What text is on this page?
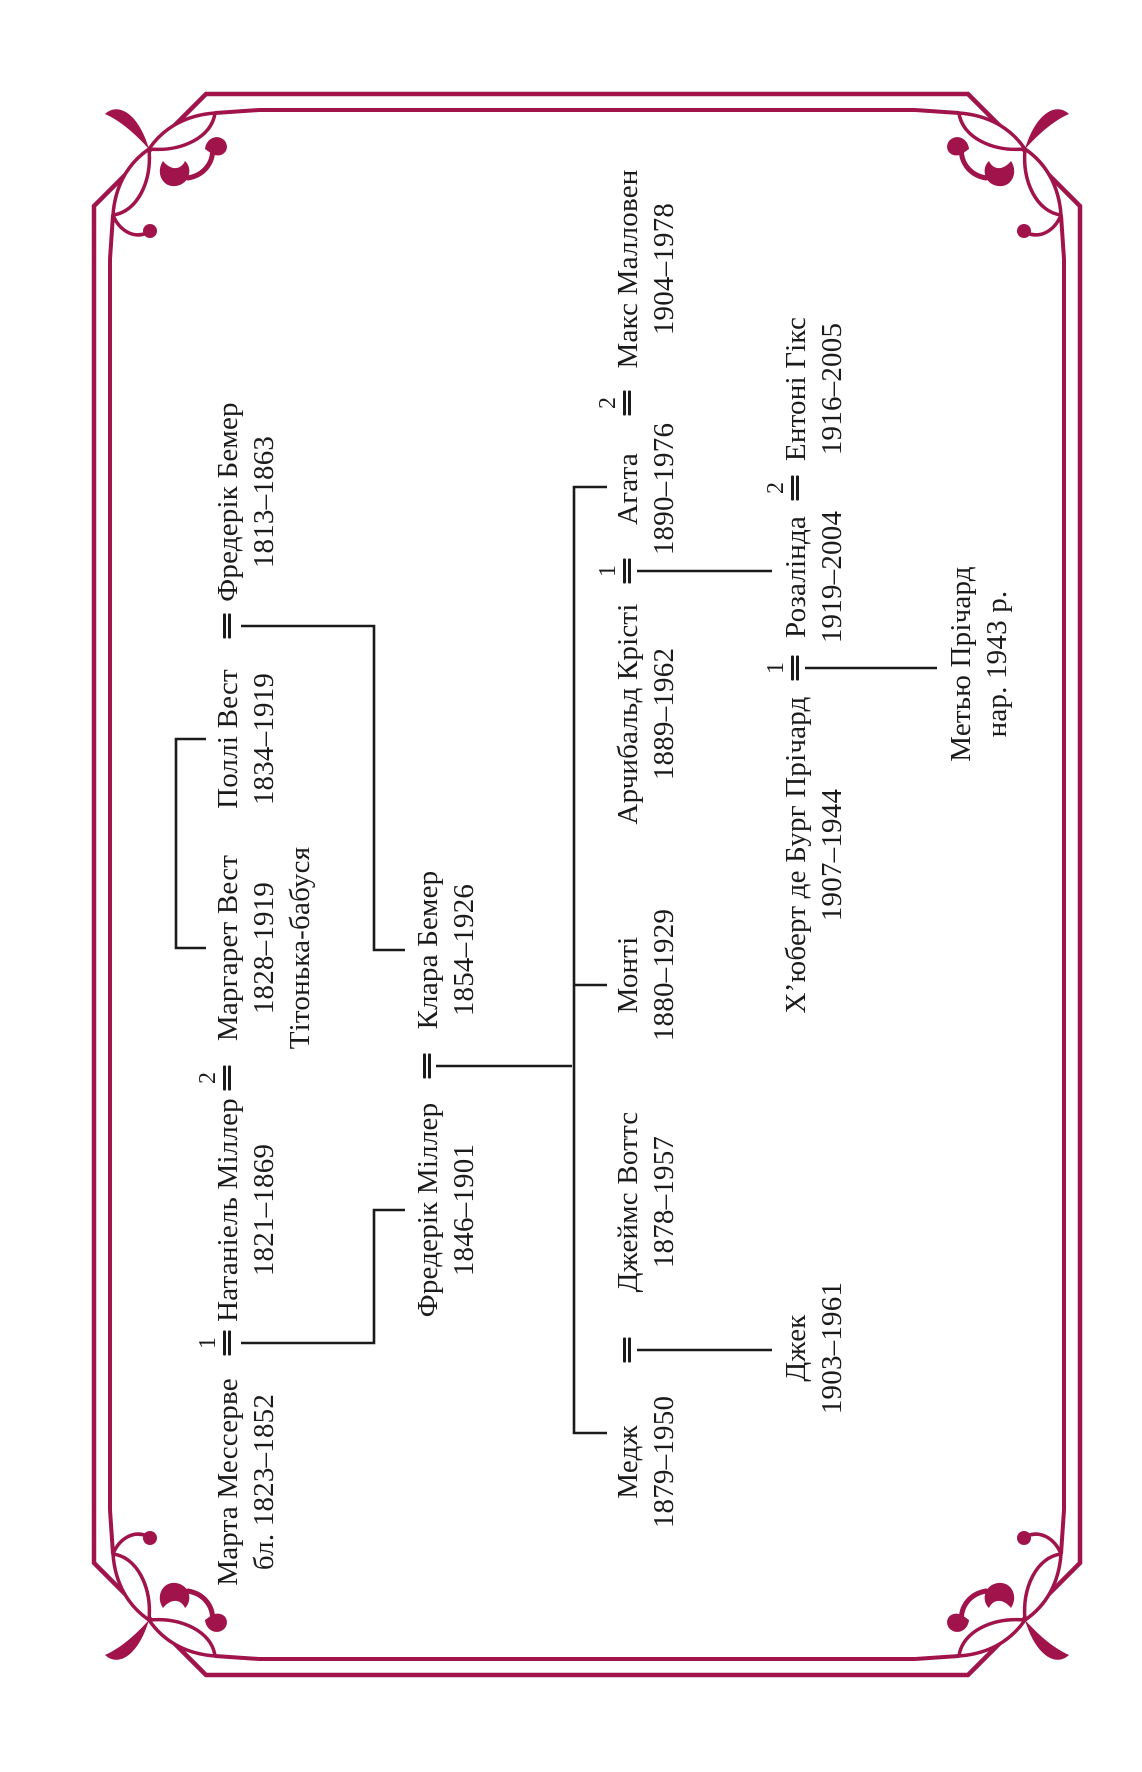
Марта Мессерве бл. 1823–1852
Натаніель Міллер 1821–1869
Маргарет Вест 1828–1919 Тітонька-бабуся
Поллі Вест 1834–1919
Фредерік Бемер 1813–1863
Фредерік Міллер 1846–1901
Клара Бемер 1854–1926
Медж 1879–1950
Джеймс Воттс 1878–1957
Монті 1880–1929
Арчибальд Крісті 1889–1962
Агата 1890–1976
Макс Малловен 1904–1978
Джек 1903–1961
Х’юберт де Бург Прічард 1907–1944
Розалінда 1919–2004
Ентоні Гікс 1916–2005
Метью Прічард нар. 1943 р.
1
2
1
2
1
2
